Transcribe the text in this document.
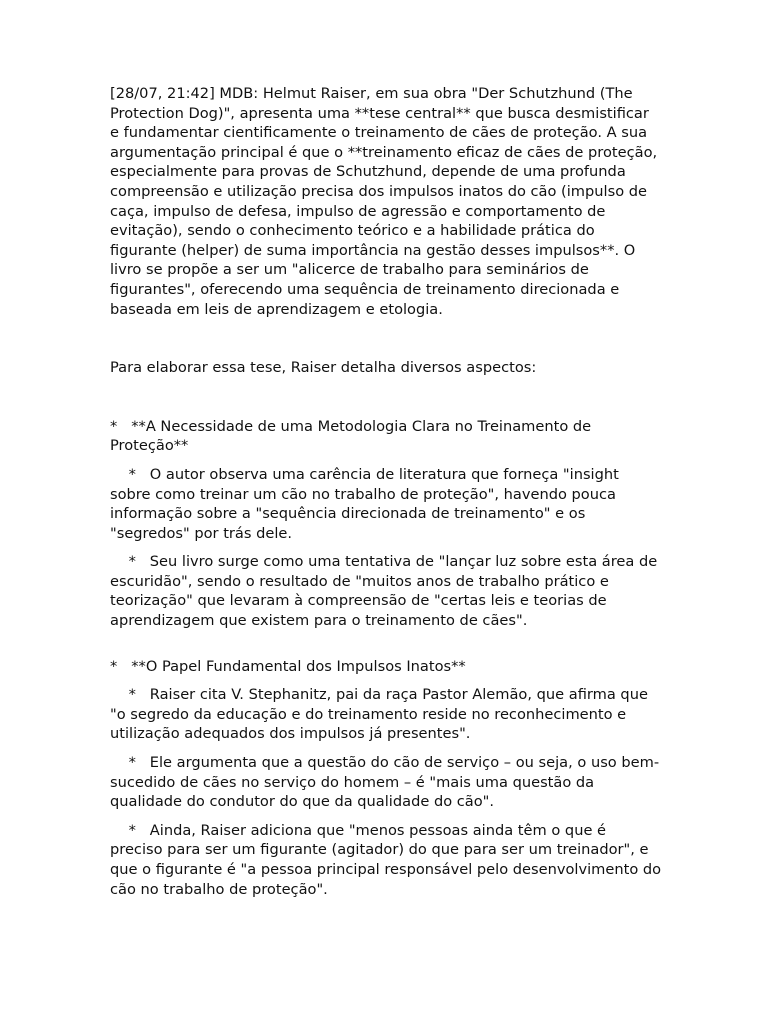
[28/07, 21:42] MDB: Helmut Raiser, em sua obra "Der Schutzhund (The Protection Dog)", apresenta uma **tese central** que busca desmistificar e fundamentar cientificamente o treinamento de cães de proteção. A sua argumentação principal é que o **treinamento eficaz de cães de proteção, especialmente para provas de Schutzhund, depende de uma profunda compreensão e utilização precisa dos impulsos inatos do cão (impulso de caça, impulso de defesa, impulso de agressão e comportamento de evitação), sendo o conhecimento teórico e a habilidade prática do figurante (helper) de suma importância na gestão desses impulsos**. O livro se propõe a ser um "alicerce de trabalho para seminários de figurantes", oferecendo uma sequência de treinamento direcionada e baseada em leis de aprendizagem e etologia.

Para elaborar essa tese, Raiser detalha diversos aspectos:

* **A Necessidade de uma Metodologia Clara no Treinamento de Proteção**

* O autor observa uma carência de literatura que forneça "insight sobre como treinar um cão no trabalho de proteção", havendo pouca informação sobre a "sequência direcionada de treinamento" e os "segredos" por trás dele.

* Seu livro surge como uma tentativa de "lançar luz sobre esta área de escuridão", sendo o resultado de "muitos anos de trabalho prático e teorização" que levaram à compreensão de "certas leis e teorias de aprendizagem que existem para o treinamento de cães".

* **O Papel Fundamental dos Impulsos Inatos**

* Raiser cita V. Stephanitz, pai da raça Pastor Alemão, que afirma que "o segredo da educação e do treinamento reside no reconhecimento e utilização adequados dos impulsos já presentes".

* Ele argumenta que a questão do cão de serviço – ou seja, o uso bem-sucedido de cães no serviço do homem – é "mais uma questão da qualidade do condutor do que da qualidade do cão".

* Ainda, Raiser adiciona que "menos pessoas ainda têm o que é preciso para ser um figurante (agitador) do que para ser um treinador", e que o figurante é "a pessoa principal responsável pelo desenvolvimento do cão no trabalho de proteção".
